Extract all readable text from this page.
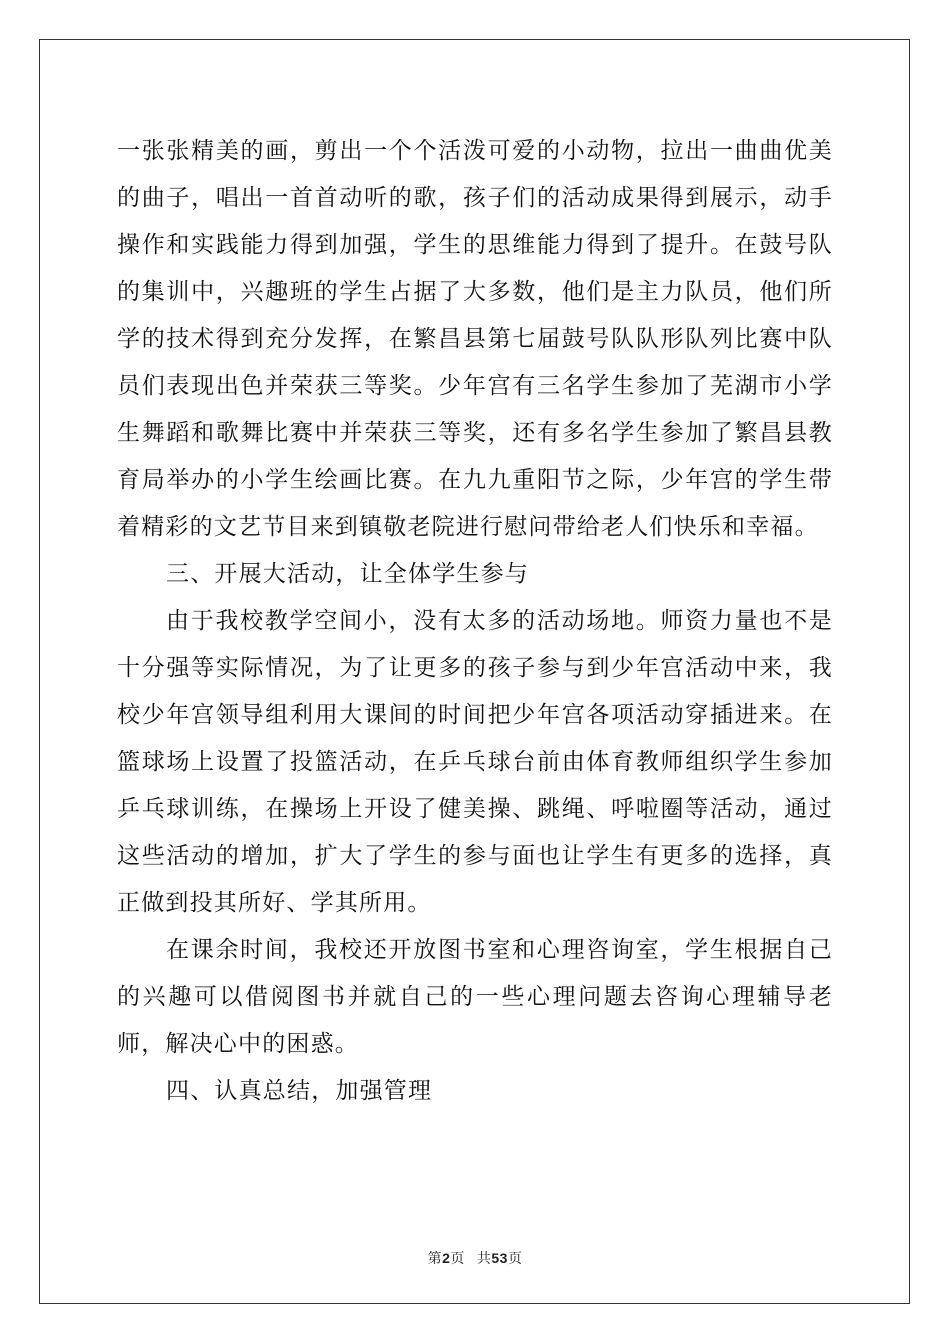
一张张精美的画，剪出一个个活泼可爱的小动物，拉出一曲曲优美的曲子，唱出一首首动听的歌，孩子们的活动成果得到展示，动手操作和实践能力得到加强，学生的思维能力得到了提升。在鼓号队的集训中，兴趣班的学生占据了大多数，他们是主力队员，他们所学的技术得到充分发挥，在繁昌县第七届鼓号队队形队列比赛中队员们表现出色并荣获三等奖。少年宫有三名学生参加了芜湖市小学生舞蹈和歌舞比赛中并荣获三等奖，还有多名学生参加了繁昌县教育局举办的小学生绘画比赛。在九九重阳节之际，少年宫的学生带着精彩的文艺节目来到镇敬老院进行慰问带给老人们快乐和幸福。

三、开展大活动，让全体学生参与

由于我校教学空间小，没有太多的活动场地。师资力量也不是十分强等实际情况，为了让更多的孩子参与到少年宫活动中来，我校少年宫领导组利用大课间的时间把少年宫各项活动穿插进来。在篮球场上设置了投篮活动，在乒乓球台前由体育教师组织学生参加乒乓球训练，在操场上开设了健美操、跳绳、呼啦圈等活动，通过这些活动的增加，扩大了学生的参与面也让学生有更多的选择，真正做到投其所好、学其所用。

在课余时间，我校还开放图书室和心理咨询室，学生根据自己的兴趣可以借阅图书并就自己的一些心理问题去咨询心理辅导老师，解决心中的困惑。

四、认真总结，加强管理

第2页 共53页
